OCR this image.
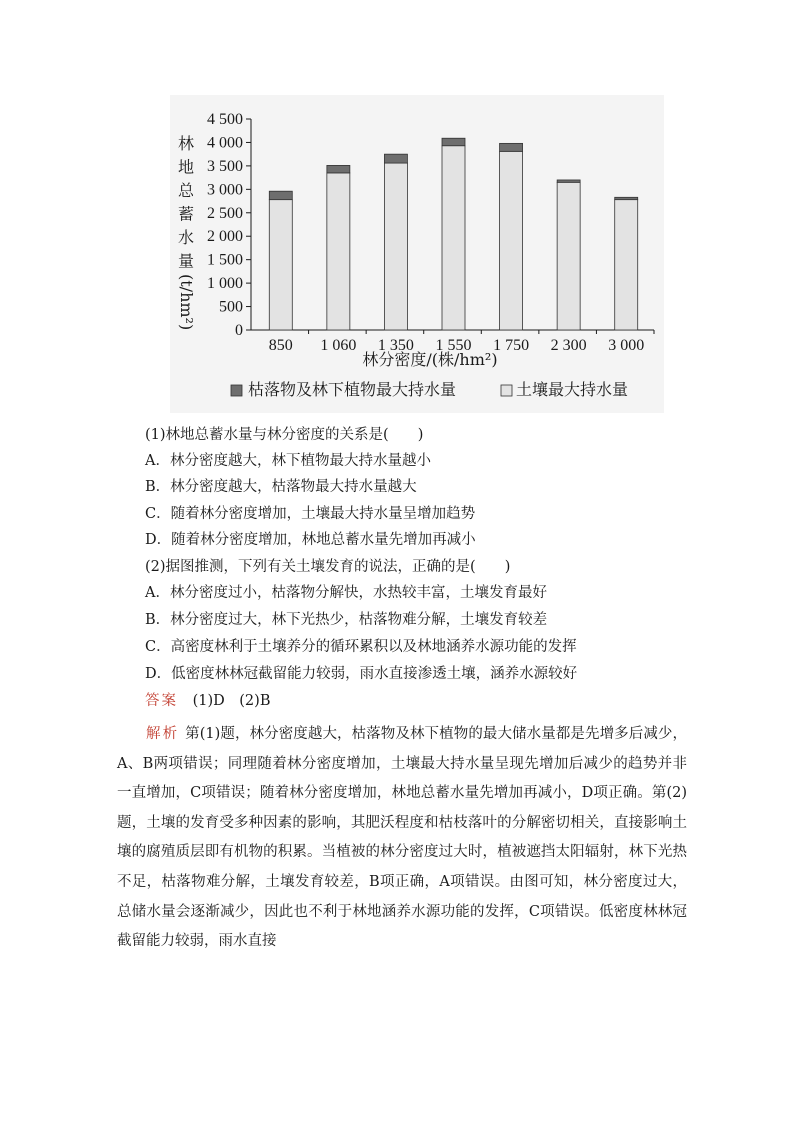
林
地
总
蓄
水
量
(t/hm²)
0
500
1 000
1 500
2 000
2 500
3 000
3 500
4 000
4 500
850 1 060 1 350 1 550 1 750 2 300 3 000
林分密度/(株/hm²)
枯落物及林下植物最大持水量	土壤最大持水量
(1)林地总蓄水量与林分密度的关系是(　　)
A．林分密度越大，林下植物最大持水量越小
B．林分密度越大，枯落物最大持水量越大
C．随着林分密度增加，土壤最大持水量呈增加趋势
D．随着林分密度增加，林地总蓄水量先增加再减小
(2)据图推测，下列有关土壤发育的说法，正确的是(　　)
A．林分密度过小，枯落物分解快，水热较丰富，土壤发育最好
B．林分密度过大，林下光热少，枯落物难分解，土壤发育较差
C．高密度林利于土壤养分的循环累积以及林地涵养水源功能的发挥
D．低密度林林冠截留能力较弱，雨水直接渗透土壤，涵养水源较好
答案 (1)D　(2)B
解析 第(1)题，林分密度越大，枯落物及林下植物的最大储水量都是先增多后减少，A、B两项错误；同理随着林分密度增加，土壤最大持水量呈现先增加后减少的趋势并非一直增加，C项错误；随着林分密度增加，林地总蓄水量先增加再减小，D项正确。第(2)题，土壤的发育受多种因素的影响，其肥沃程度和枯枝落叶的分解密切相关，直接影响土壤的腐殖质层即有机物的积累。当植被的林分密度过大时，植被遮挡太阳辐射，林下光热不足，枯落物难分解，土壤发育较差，B项正确，A项错误。由图可知，林分密度过大，总储水量会逐渐减少，因此也不利于林地涵养水源功能的发挥，C项错误。低密度林林冠截留能力较弱，雨水直接
